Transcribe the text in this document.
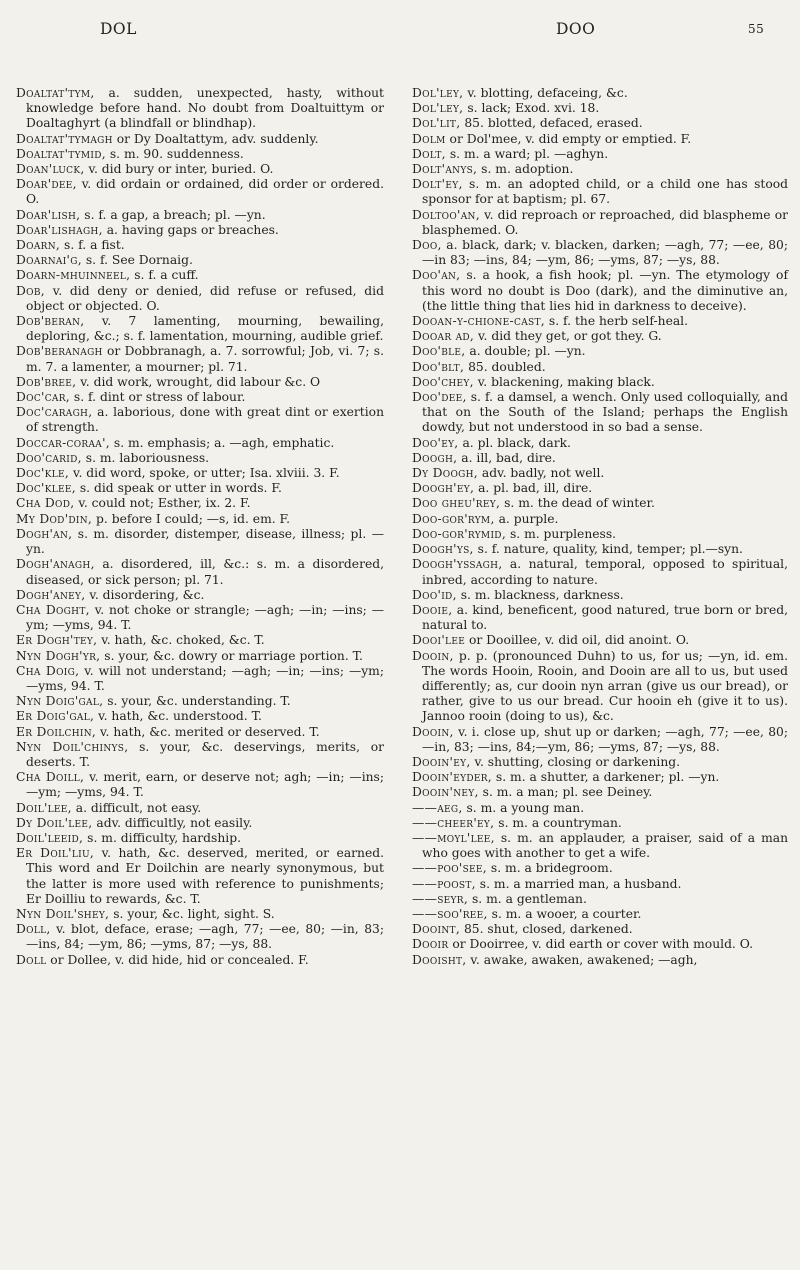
DOL	DOO	55
Doaltat'tym, a. sudden, unexpected, hasty, without knowledge before hand. No doubt from Doaltuittym or Doaltaghyrt (a blindfall or blindhap).
Doaltat'tymagh or Dy Doaltattym, adv. suddenly.
Doaltat'tymid, s. m. 90. suddenness.
Doan'luck, v. did bury or inter, buried. O.
Doar'dee, v. did ordain or ordained, did order or ordered. O.
Doar'lish, s. f. a gap, a breach; pl. —yn.
Doar'lishagh, a. having gaps or breaches.
Doarn, s. f. a fist.
Doarnai'g, s. f. See Dornaig.
Doarn-mhuinneel, s. f. a cuff.
Dob, v. did deny or denied, did refuse or refused, did object or objected. O.
Dob'beran, v. 7 lamenting, mourning, bewailing, deploring, &c.; s. f. lamentation, mourning, audible grief.
Dob'beranagh or Dobbranagh, a. 7. sorrowful; Job, vi. 7; s. m. 7. a lamenter, a mourner; pl. 71.
Dob'bree, v. did work, wrought, did labour &c. O
Doc'car, s. f. dint or stress of labour.
Doc'caragh, a. laborious, done with great dint or exertion of strength.
Doccar-coraa', s. m. emphasis; a. —agh, emphatic.
Doo'carid, s. m. laboriousness.
Doc'kle, v. did word, spoke, or utter; Isa. xlviii. 3. F.
Doc'klee, s. did speak or utter in words. F.
Cha Dod, v. could not; Esther, ix. 2. F.
My Dod'din, p. before I could; —s, id. em. F.
Dogh'an, s. m. disorder, distemper, disease, illness; pl. —yn.
Dogh'anagh, a. disordered, ill, &c.: s. m. a disordered, diseased, or sick person; pl. 71.
Dogh'aney, v. disordering, &c.
Cha Doght, v. not choke or strangle; —agh; —in; —ins; —ym; —yms, 94. T.
Er Dogh'tey, v. hath, &c. choked, &c. T.
Nyn Dogh'yr, s. your, &c. dowry or marriage portion. T.
Cha Doig, v. will not understand; —agh; —in; —ins; —ym; —yms, 94. T.
Nyn Doig'gal, s. your, &c. understanding. T.
Er Doig'gal, v. hath, &c. understood. T.
Er Doilchin, v. hath, &c. merited or deserved. T.
Nyn Doil'chinys, s. your, &c. deservings, merits, or deserts. T.
Cha Doill, v. merit, earn, or deserve not; agh; —in; —ins; —ym; —yms, 94. T.
Doil'lee, a. difficult, not easy.
Dy Doil'lee, adv. difficultly, not easily.
Doil'leeid, s. m. difficulty, hardship.
Er Doil'liu, v. hath, &c. deserved, merited, or earned. This word and Er Doilchin are nearly synonymous, but the latter is more used with reference to punishments; Er Doilliu to rewards, &c. T.
Nyn Doil'shey, s. your, &c. light, sight. S.
Doll, v. blot, deface, erase; —agh, 77; —ee, 80; —in, 83; —ins, 84; —ym, 86; —yms, 87; —ys, 88.
Doll or Dollee, v. did hide, hid or concealed. F.
Dol'ley, v. blotting, defaceing, &c.
Dol'ley, s. lack; Exod. xvi. 18.
Dol'lit, 85. blotted, defaced, erased.
Dolm or Dol'mee, v. did empty or emptied. F.
Dolt, s. m. a ward; pl. —aghyn.
Dolt'anys, s. m. adoption.
Dolt'ey, s. m. an adopted child, or a child one has stood sponsor for at baptism; pl. 67.
Doltoo'an, v. did reproach or reproached, did blaspheme or blasphemed. O.
Doo, a. black, dark; v. blacken, darken; —agh, 77; —ee, 80; —in 83; —ins, 84; —ym, 86; —yms, 87; —ys, 88.
Doo'an, s. a hook, a fish hook; pl. —yn. The etymology of this word no doubt is Doo (dark), and the diminutive an, (the little thing that lies hid in darkness to deceive).
Dooan-y-chione-cast, s. f. the herb self-heal.
Dooar ad, v. did they get, or got they. G.
Doo'ble, a. double; pl. —yn.
Doo'blt, 85. doubled.
Doo'chey, v. blackening, making black.
Doo'dee, s. f. a damsel, a wench. Only used colloquially, and that on the South of the Island; perhaps the English dowdy, but not understood in so bad a sense.
Doo'ey, a. pl. black, dark.
Doogh, a. ill, bad, dire.
Dy Doogh, adv. badly, not well.
Doogh'ey, a. pl. bad, ill, dire.
Doo gheu'rey, s. m. the dead of winter.
Doo-gor'rym, a. purple.
Doo-gor'rymid, s. m. purpleness.
Doogh'ys, s. f. nature, quality, kind, temper; pl.—syn.
Doogh'yssagh, a. natural, temporal, opposed to spiritual, inbred, according to nature.
Doo'id, s. m. blackness, darkness.
Dooie, a. kind, beneficent, good natured, true born or bred, natural to.
Dooi'lee or Dooillee, v. did oil, did anoint. O.
Dooin, p. p. (pronounced Duhn) to us, for us; —yn, id. em. The words Hooin, Rooin, and Dooin are all to us, but used differently; as, cur dooin nyn arran (give us our bread), or rather, give to us our bread. Cur hooin eh (give it to us). Jannoo rooin (doing to us), &c.
Dooin, v. i. close up, shut up or darken; —agh, 77; —ee, 80; —in, 83; —ins, 84;—ym, 86; —yms, 87; —ys, 88.
Dooin'ey, v. shutting, closing or darkening.
Dooin'eyder, s. m. a shutter, a darkener; pl. —yn.
Dooin'ney, s. m. a man; pl. see Deiney.
——aeg, s. m. a young man.
——cheer'ey, s. m. a countryman.
——moyl'lee, s. m. an applauder, a praiser, said of a man who goes with another to get a wife.
——poo'see, s. m. a bridegroom.
——poost, s. m. a married man, a husband.
——seyr, s. m. a gentleman.
——soo'ree, s. m. a wooer, a courter.
Dooint, 85. shut, closed, darkened.
Dooir or Dooirree, v. did earth or cover with mould. O.
Dooisht, v. awake, awaken, awakened; —agh,
